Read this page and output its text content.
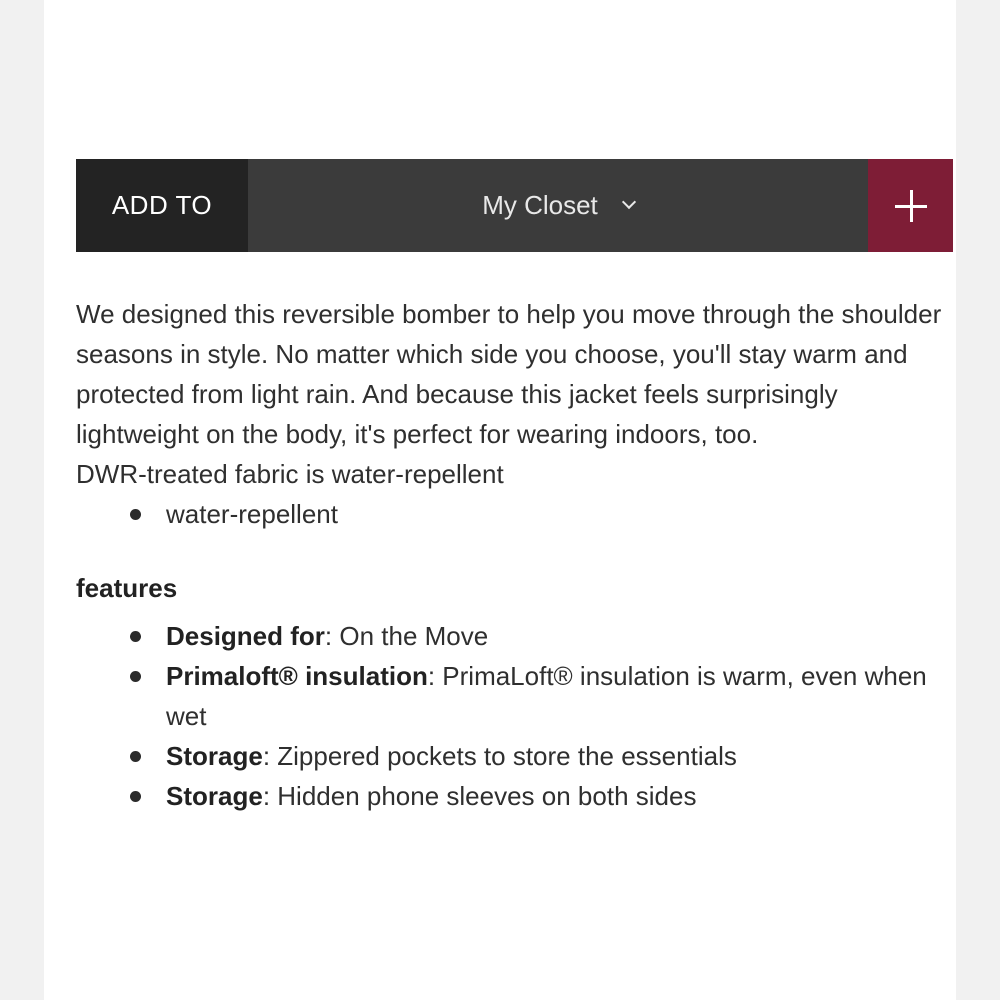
ADD TO	My Closet

We designed this reversible bomber to help you move through the shoulder seasons in style. No matter which side you choose, you'll stay warm and protected from light rain. And because this jacket feels surprisingly lightweight on the body, it's perfect for wearing indoors, too.

DWR-treated fabric is water-repellent

water-repellent
features
Designed for: On the Move
Primaloft® insulation: PrimaLoft® insulation is warm, even when wet
Storage: Zippered pockets to store the essentials
Storage: Hidden phone sleeves on both sides
